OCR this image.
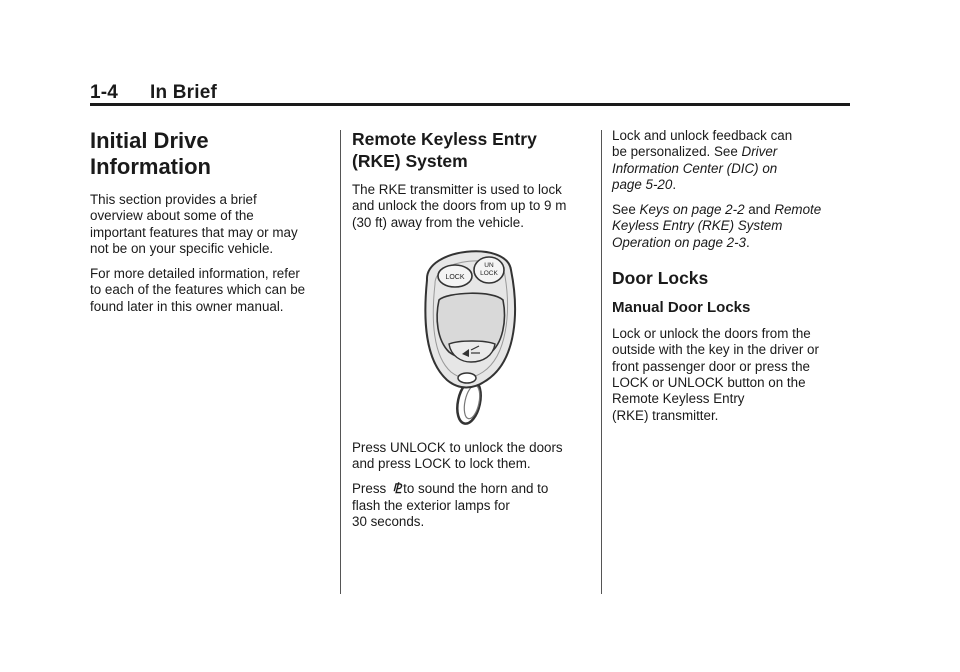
1-4 In Brief
Initial Drive
Information

This section provides a brief
overview about some of the
important features that may or may
not be on your specific vehicle.

For more detailed information, refer
to each of the features which can be
found later in this owner manual.

Remote Keyless Entry
(RKE) System

The RKE transmitter is used to lock
and unlock the doors from up to 9 m
(30 ft) away from the vehicle.

LOCK
UN
LOCK

Press UNLOCK to unlock the doors
and press LOCK to lock them.

Press ⅊ to sound the horn and to
flash the exterior lamps for
30 seconds.

Lock and unlock feedback can
be personalized. See Driver
Information Center (DIC) on
page 5-20.

See Keys on page 2-2 and Remote
Keyless Entry (RKE) System
Operation on page 2-3.

Door Locks
Manual Door Locks

Lock or unlock the doors from the
outside with the key in the driver or
front passenger door or press the
LOCK or UNLOCK button on the
Remote Keyless Entry
(RKE) transmitter.
